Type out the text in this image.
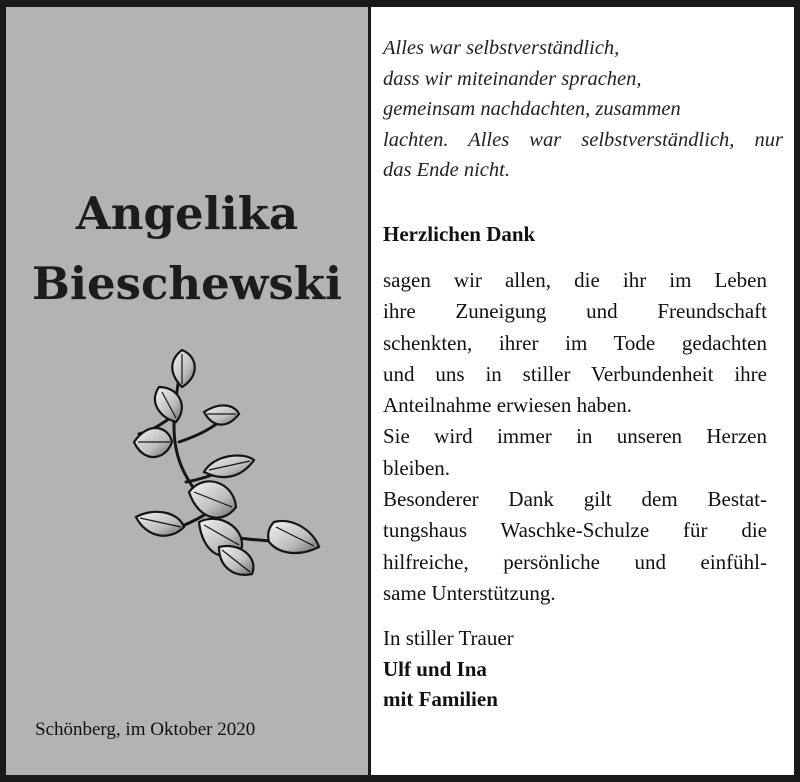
Angelika
Bieschewski
Schönberg, im Oktober 2020
Alles war selbstverständlich,
dass wir miteinander sprachen,
gemeinsam nachdachten, zusammen
lachten. Alles war selbstverständlich, nur
das Ende nicht.
Herzlichen Dank
sagen wir allen, die ihr im Leben
ihre Zuneigung und Freundschaft
schenkten, ihrer im Tode gedachten
und uns in stiller Verbundenheit ihre
Anteilnahme erwiesen haben.
Sie wird immer in unseren Herzen
bleiben.
Besonderer Dank gilt dem Bestat-
tungshaus Waschke-Schulze für die
hilfreiche, persönliche und einfühl-
same Unterstützung.
In stiller Trauer
Ulf und Ina
mit Familien
